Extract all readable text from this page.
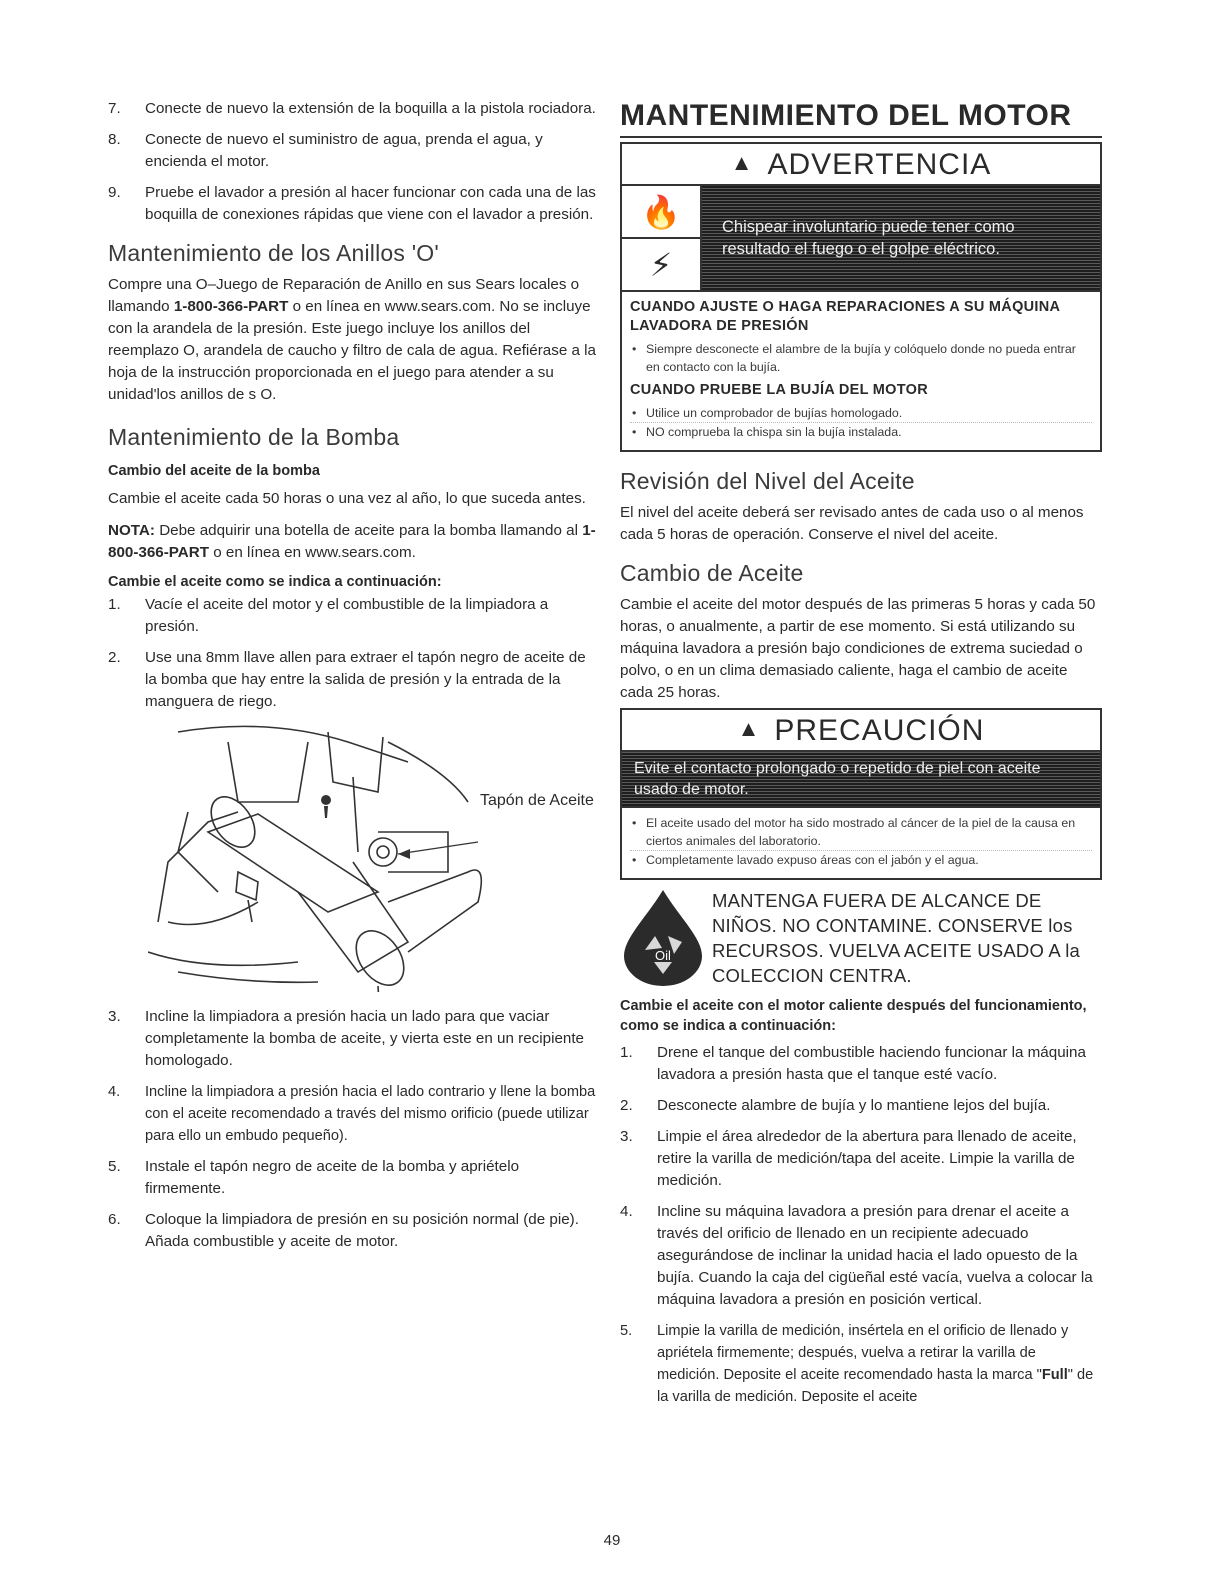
7. Conecte de nuevo la extensión de la boquilla a la pistola rociadora.
8. Conecte de nuevo el suministro de agua, prenda el agua, y encienda el motor.
9. Pruebe el lavador a presión al hacer funcionar con cada una de las boquilla de conexiones rápidas que viene con el lavador a presión.
Mantenimiento de los Anillos 'O'

Compre una O–Juego de Reparación de Anillo en sus Sears locales o llamando 1-800-366-PART o en línea en www.sears.com. No se incluye con la arandela de la presión. Este juego incluye los anillos del reemplazo O, arandela de caucho y filtro de cala de agua. Refiérase a la hoja de la instrucción proporcionada en el juego para atender a su unidad'los anillos de s O.

Mantenimiento de la Bomba
Cambio del aceite de la bomba

Cambie el aceite cada 50 horas o una vez al año, lo que suceda antes.

NOTA: Debe adquirir una botella de aceite para la bomba llamando al 1-800-366-PART o en línea en www.sears.com.

Cambie el aceite como se indica a continuación:
1. Vacíe el aceite del motor y el combustible de la limpiadora a presión.
2. Use una 8mm llave allen para extraer el tapón negro de aceite de la bomba que hay entre la salida de presión y la entrada de la manguera de riego.
Tapón de Aceite
3. Incline la limpiadora a presión hacia un lado para que vaciar completamente la bomba de aceite, y vierta este en un recipiente homologado.
4. Incline la limpiadora a presión hacia el lado contrario y llene la bomba con el aceite recomendado a través del mismo orificio (puede utilizar para ello un embudo pequeño).
5. Instale el tapón negro de aceite de la bomba y apriételo firmemente.
6. Coloque la limpiadora de presión en su posición normal (de pie). Añada combustible y aceite de motor.
MANTENIMIENTO DEL MOTOR
▲ ADVERTENCIA
🔥
⚡
Chispear involuntario puede tener como resultado el fuego o el golpe eléctrico.
CUANDO AJUSTE O HAGA REPARACIONES A SU MÁQUINA LAVADORA DE PRESIÓN
• Siempre desconecte el alambre de la bujía y colóquelo donde no pueda entrar en contacto con la bujía.
CUANDO PRUEBE LA BUJÍA DEL MOTOR
• Utilice un comprobador de bujías homologado.
• NO comprueba la chispa sin la bujía instalada.
Revisión del Nivel del Aceite

El nivel del aceite deberá ser revisado antes de cada uso o al menos cada 5 horas de operación. Conserve el nivel del aceite.

Cambio de Aceite

Cambie el aceite del motor después de las primeras 5 horas y cada 50 horas, o anualmente, a partir de ese momento. Si está utilizando su máquina lavadora a presión bajo condiciones de extrema suciedad o polvo, o en un clima demasiado caliente, haga el cambio de aceite cada 25 horas.

▲ PRECAUCIÓN
Evite el contacto prolongado o repetido de piel con aceite usado de motor.
• El aceite usado del motor ha sido mostrado al cáncer de la piel de la causa en ciertos animales del laboratorio.
• Completamente lavado expuso áreas con el jabón y el agua.
Oil
MANTENGA FUERA DE ALCANCE DE NIÑOS. NO CONTAMINE. CONSERVE los RECURSOS. VUELVA ACEITE USADO A la COLECCION CENTRA.
Cambie el aceite con el motor caliente después del funcionamiento, como se indica a continuación:
1. Drene el tanque del combustible haciendo funcionar la máquina lavadora a presión hasta que el tanque esté vacío.
2. Desconecte alambre de bujía y lo mantiene lejos del bujía.
3. Limpie el área alrededor de la abertura para llenado de aceite, retire la varilla de medición/tapa del aceite. Limpie la varilla de medición.
4. Incline su máquina lavadora a presión para drenar el aceite a través del orificio de llenado en un recipiente adecuado asegurándose de inclinar la unidad hacia el lado opuesto de la bujía. Cuando la caja del cigüeñal esté vacía, vuelva a colocar la máquina lavadora a presión en posición vertical.
5. Limpie la varilla de medición, insértela en el orificio de llenado y apriétela firmemente; después, vuelva a retirar la varilla de medición. Deposite el aceite recomendado hasta la marca "Full" de la varilla de medición. Deposite el aceite
49
